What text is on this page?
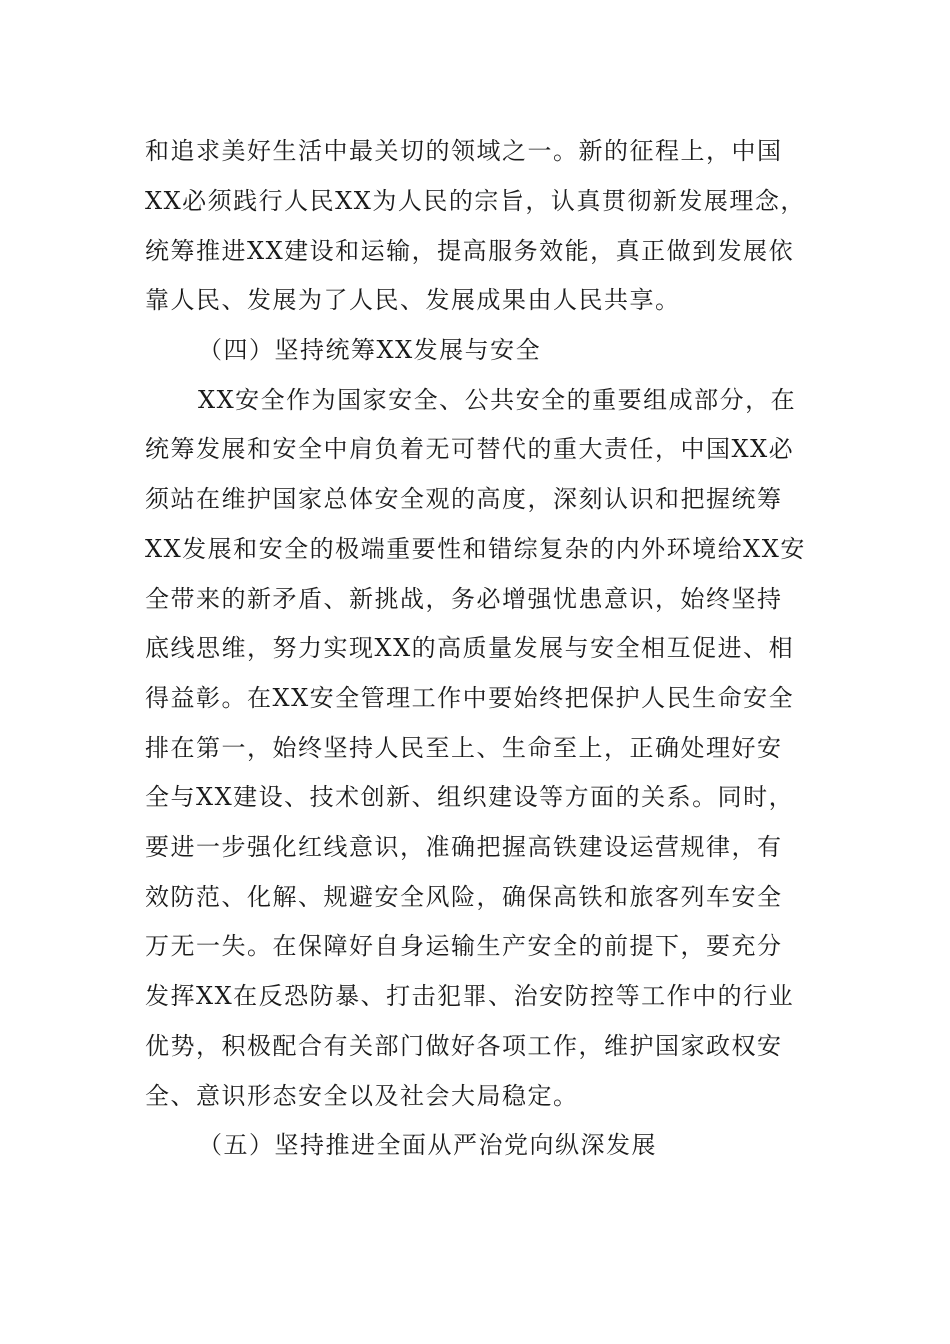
和追求美好生活中最关切的领域之一。新的征程上，中国
XX必须践行人民XX为人民的宗旨，认真贯彻新发展理念，
统筹推进XX建设和运输，提高服务效能，真正做到发展依
靠人民、发展为了人民、发展成果由人民共享。
（四）坚持统筹XX发展与安全
XX安全作为国家安全、公共安全的重要组成部分，在
统筹发展和安全中肩负着无可替代的重大责任，中国XX必
须站在维护国家总体安全观的高度，深刻认识和把握统筹
XX发展和安全的极端重要性和错综复杂的内外环境给XX安
全带来的新矛盾、新挑战，务必增强忧患意识，始终坚持
底线思维，努力实现XX的高质量发展与安全相互促进、相
得益彰。在XX安全管理工作中要始终把保护人民生命安全
排在第一，始终坚持人民至上、生命至上，正确处理好安
全与XX建设、技术创新、组织建设等方面的关系。同时，
要进一步强化红线意识，准确把握高铁建设运营规律，有
效防范、化解、规避安全风险，确保高铁和旅客列车安全
万无一失。在保障好自身运输生产安全的前提下，要充分
发挥XX在反恐防暴、打击犯罪、治安防控等工作中的行业
优势，积极配合有关部门做好各项工作，维护国家政权安
全、意识形态安全以及社会大局稳定。
（五）坚持推进全面从严治党向纵深发展
